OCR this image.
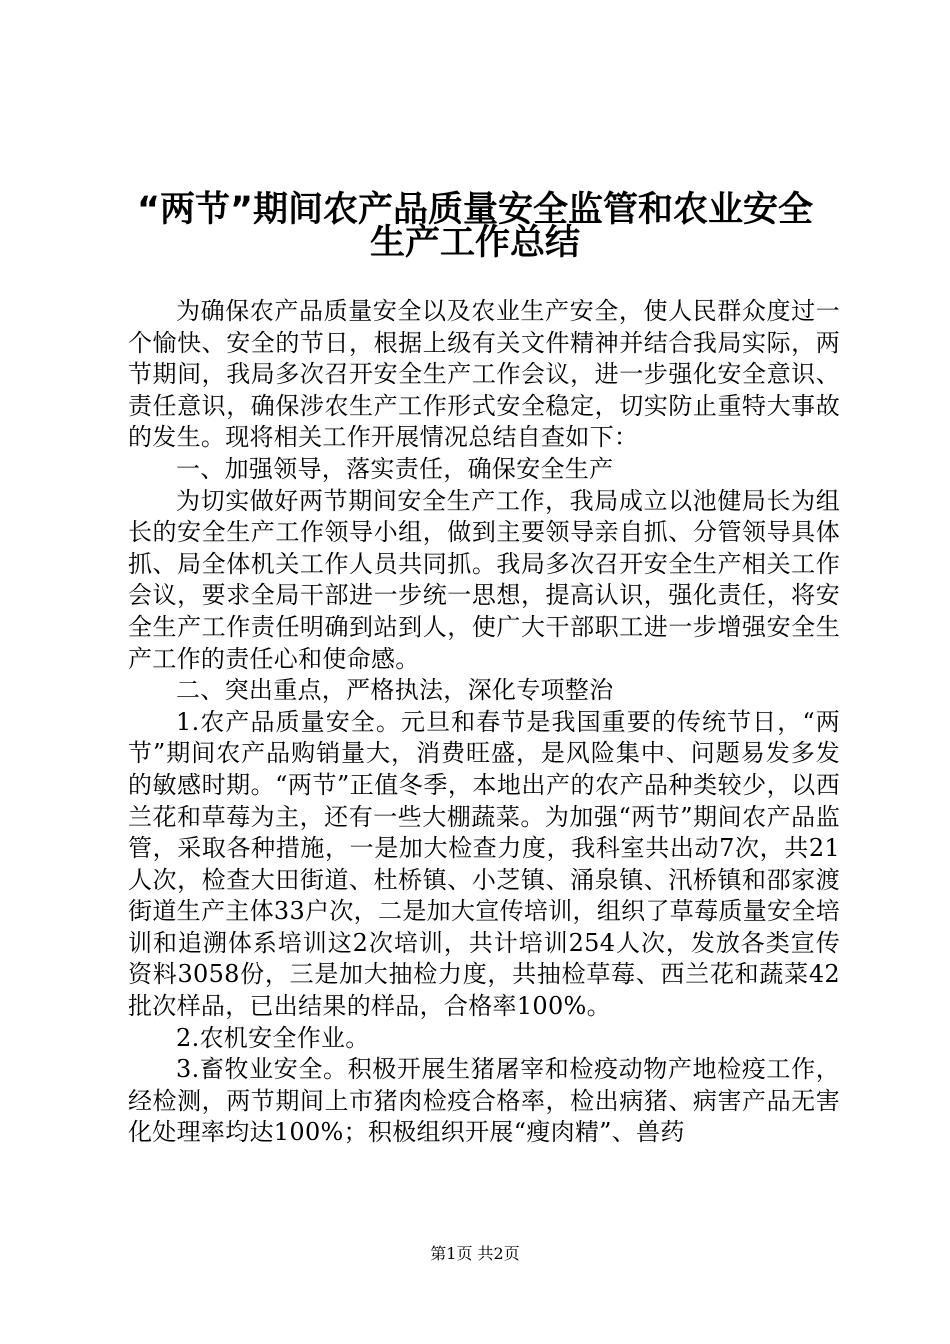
“两节”期间农产品质量安全监管和农业安全
生产工作总结

为确保农产品质量安全以及农业生产安全，使人民群众度过一个愉快、安全的节日，根据上级有关文件精神并结合我局实际，两节期间，我局多次召开安全生产工作会议，进一步强化安全意识、责任意识，确保涉农生产工作形式安全稳定，切实防止重特大事故的发生。现将相关工作开展情况总结自查如下：

一、加强领导，落实责任，确保安全生产

为切实做好两节期间安全生产工作，我局成立以池健局长为组长的安全生产工作领导小组，做到主要领导亲自抓、分管领导具体抓、局全体机关工作人员共同抓。我局多次召开安全生产相关工作会议，要求全局干部进一步统一思想，提高认识，强化责任，将安全生产工作责任明确到站到人，使广大干部职工进一步增强安全生产工作的责任心和使命感。

二、突出重点，严格执法，深化专项整治

1.农产品质量安全。元旦和春节是我国重要的传统节日，“两节”期间农产品购销量大，消费旺盛，是风险集中、问题易发多发的敏感时期。“两节”正值冬季，本地出产的农产品种类较少，以西兰花和草莓为主，还有一些大棚蔬菜。为加强“两节”期间农产品监管，采取各种措施，一是加大检查力度，我科室共出动7次，共21人次，检查大田街道、杜桥镇、小芝镇、涌泉镇、汛桥镇和邵家渡街道生产主体33户次，二是加大宣传培训，组织了草莓质量安全培训和追溯体系培训这2次培训，共计培训254人次，发放各类宣传资料3058份，三是加大抽检力度，共抽检草莓、西兰花和蔬菜42批次样品，已出结果的样品，合格率100%。

2.农机安全作业。

3.畜牧业安全。积极开展生猪屠宰和检疫动物产地检疫工作，经检测，两节期间上市猪肉检疫合格率，检出病猪、病害产品无害化处理率均达100%；积极组织开展“瘦肉精”、兽药

第1页 共2页
